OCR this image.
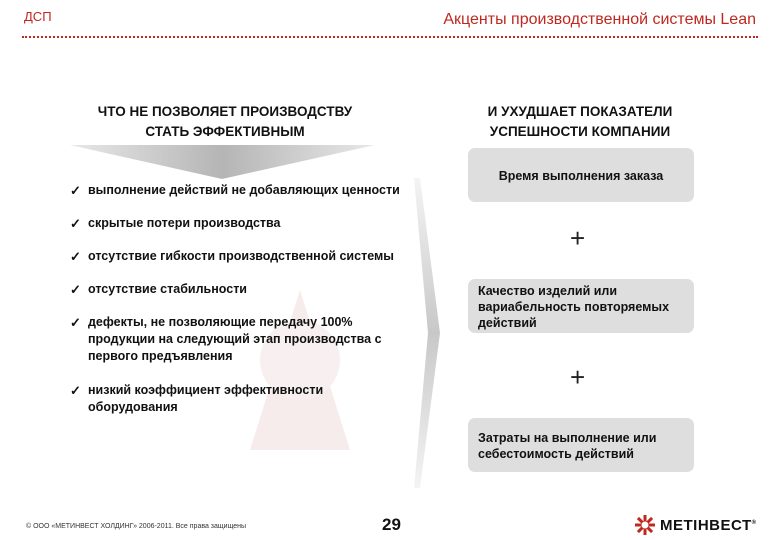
ДСП	Акценты производственной системы Lean
ЧТО НЕ ПОЗВОЛЯЕТ ПРОИЗВОДСТВУ
СТАТЬ ЭФФЕКТИВНЫМ
✓ выполнение действий не добавляющих ценности
✓ скрытые потери производства
✓ отсутствие гибкости производственной системы
✓ отсутствие стабильности
✓ дефекты, не позволяющие передачу 100% продукции на следующий этап производства с первого предъявления
✓ низкий коэффициент эффективности оборудования
И УХУДШАЕТ ПОКАЗАТЕЛИ
УСПЕШНОСТИ КОМПАНИИ
Время выполнения заказа
+
Качество изделий или вариабельность повторяемых действий
+
Затраты на выполнение или себестоимость действий
© ООО «МЕТИНВЕСТ ХОЛДИНГ» 2006-2011. Все права защищены	29	МЕТІНВЕСТ®
